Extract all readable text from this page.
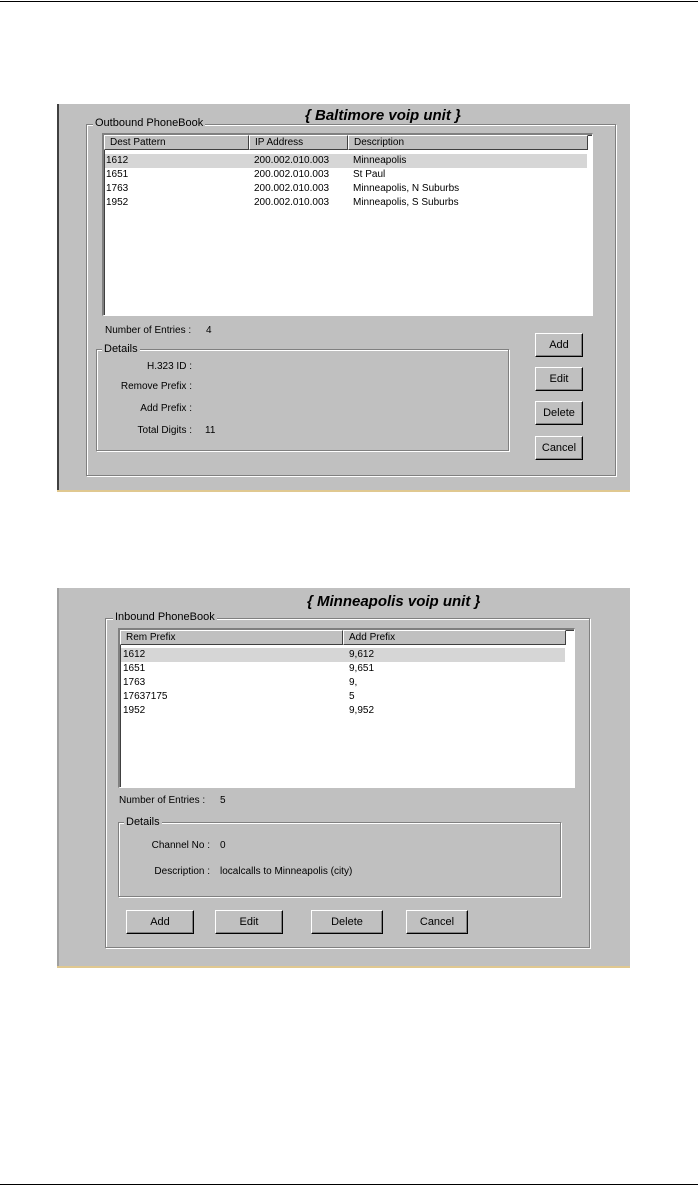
Outbound PhoneBook	{ Baltimore voip unit }
Dest Pattern	IP Address	Description
1612	200.002.010.003 Minneapolis
1651	200.002.010.003 St Paul
1763	200.002.010.003 Minneapolis, N Suburbs
1952	200.002.010.003 Minneapolis, S Suburbs
Number of Entries : 4
Details
H.323 ID :
Remove Prefix :
Add Prefix :
Total Digits : 11
Add
Edit
Delete
Cancel
Inbound PhoneBook
{ Minneapolis voip unit }
Rem Prefix	Add Prefix
1612	9,612
1651	9,651
1763	9,
17637175	5
1952	9,952
Number of Entries : 5
Details
Channel No : 0
Description : localcalls to Minneapolis (city)
Add	Edit	Delete	Cancel
